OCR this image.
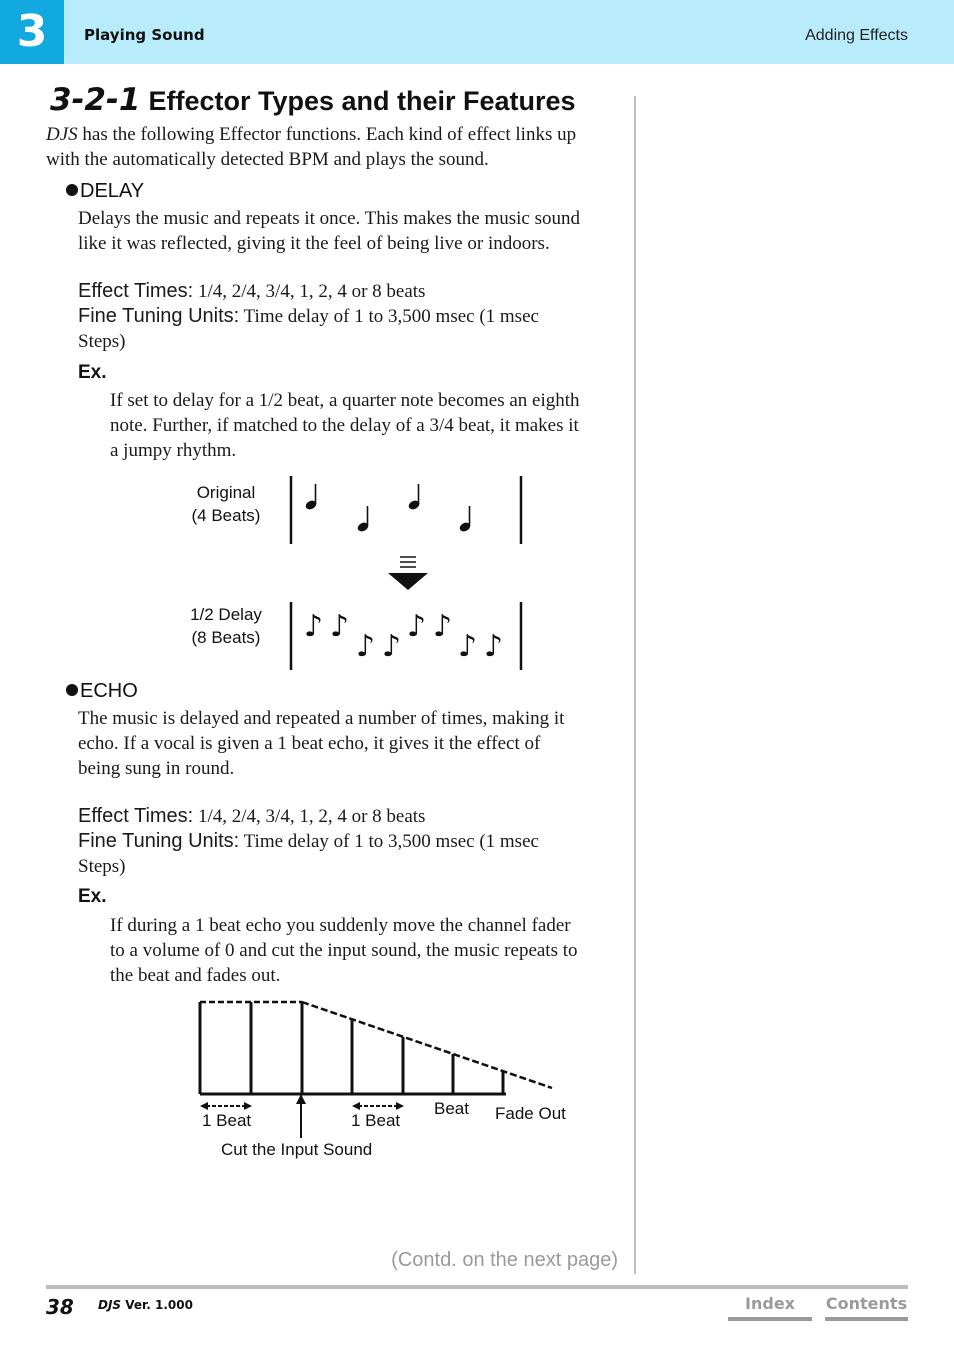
3	Playing Sound	Adding Effects
3-2-1 Effector Types and their Features
DJS has the following Effector functions. Each kind of effect links up
with the automatically detected BPM and plays the sound.
DELAY
Delays the music and repeats it once. This makes the music sound
like it was reflected, giving it the feel of being live or indoors.
Effect Times: 1/4, 2/4, 3/4, 1, 2, 4 or 8 beats
Fine Tuning Units: Time delay of 1 to 3,500 msec (1 msec
Steps)
Ex.
If set to delay for a 1/2 beat, a quarter note becomes an eighth
note. Further, if matched to the delay of a 3/4 beat, it makes it
a jumpy rhythm.
Original
(4 Beats)
1/2 Delay
(8 Beats) ♪ ♪
♪ ♪
♪ ♪
♪ ♪
ECHO
The music is delayed and repeated a number of times, making it
echo. If a vocal is given a 1 beat echo, it gives it the effect of
being sung in round.
Effect Times: 1/4, 2/4, 3/4, 1, 2, 4 or 8 beats
Fine Tuning Units: Time delay of 1 to 3,500 msec (1 msec
Steps)
Ex.
If during a 1 beat echo you suddenly move the channel fader
to a volume of 0 and cut the input sound, the music repeats to
the beat and fades out.
1 Beat	1 Beat
Beat Fade Out
Cut the Input Sound
(Contd. on the next page)
38 DJS Ver. 1.000	Index	Contents
